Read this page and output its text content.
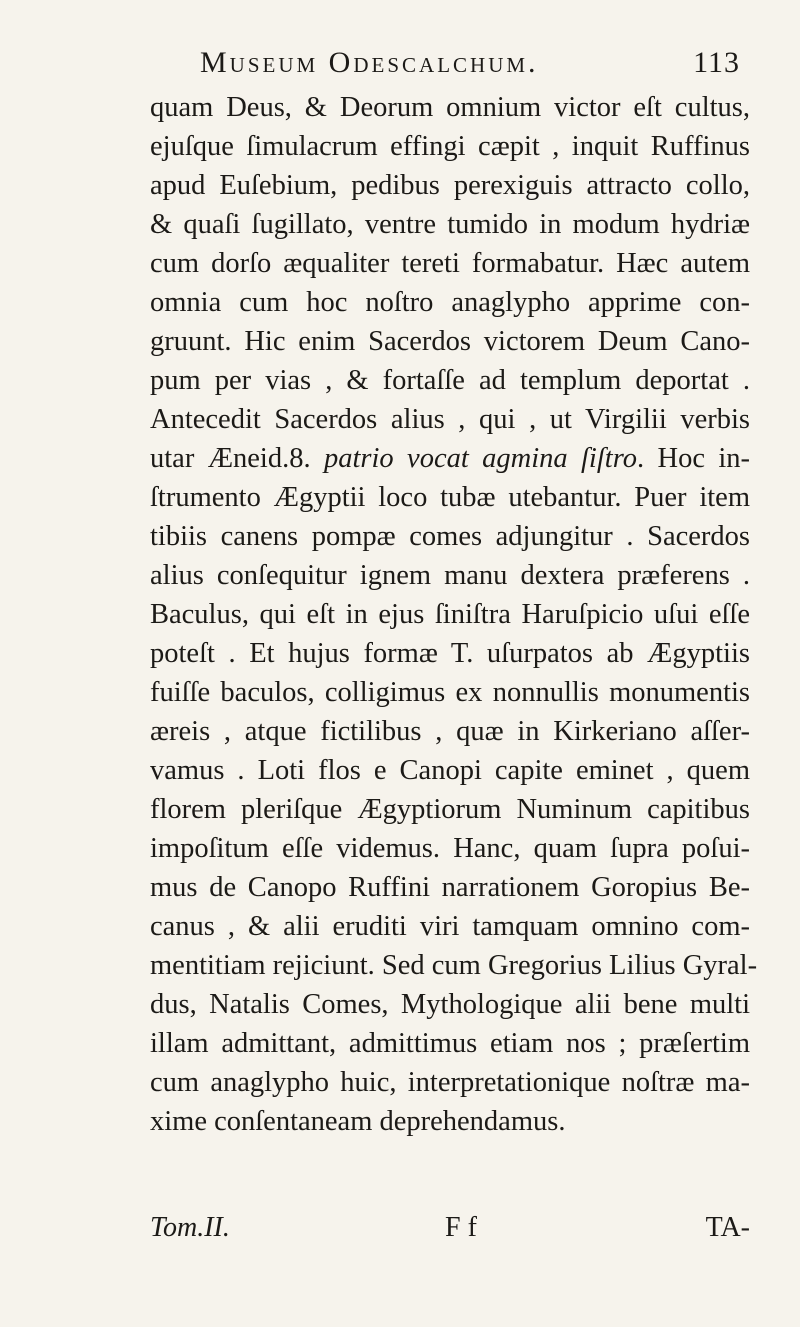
Museum Odescalchum.	113
quam Deus, & Deorum omnium victor eſt cultus,
ejuſque ſimulacrum effingi cæpit , inquit Ruffinus
apud Euſebium, pedibus perexiguis attracto collo,
& quaſi ſugillato, ventre tumido in modum hydriæ
cum dorſo æqualiter tereti formabatur. Hæc autem
omnia cum hoc noſtro anaglypho apprime con-
gruunt. Hic enim Sacerdos victorem Deum Cano-
pum per vias , & fortaſſe ad templum deportat .
Antecedit Sacerdos alius , qui , ut Virgilii verbis
utar Æneid.8. patrio vocat agmina ſiſtro. Hoc in-
ſtrumento Ægyptii loco tubæ utebantur. Puer item
tibiis canens pompæ comes adjungitur . Sacerdos
alius conſequitur ignem manu dextera præferens .
Baculus, qui eſt in ejus ſiniſtra Haruſpicio uſui eſſe
poteſt . Et hujus formæ T. uſurpatos ab Ægyptiis
fuiſſe baculos, colligimus ex nonnullis monumentis
æreis , atque fictilibus , quæ in Kirkeriano aſſer-
vamus . Loti flos e Canopi capite eminet , quem
florem pleriſque Ægyptiorum Numinum capitibus
impoſitum eſſe videmus. Hanc, quam ſupra poſui-
mus de Canopo Ruffini narrationem Goropius Be-
canus , & alii eruditi viri tamquam omnino com-
mentitiam rejiciunt. Sed cum Gregorius Lilius Gyral-
dus, Natalis Comes, Mythologique alii bene multi
illam admittant, admittimus etiam nos ; præſertim
cum anaglypho huic, interpretationique noſtræ ma-
xime conſentaneam deprehendamus.
Tom.II.	F f	TA-
